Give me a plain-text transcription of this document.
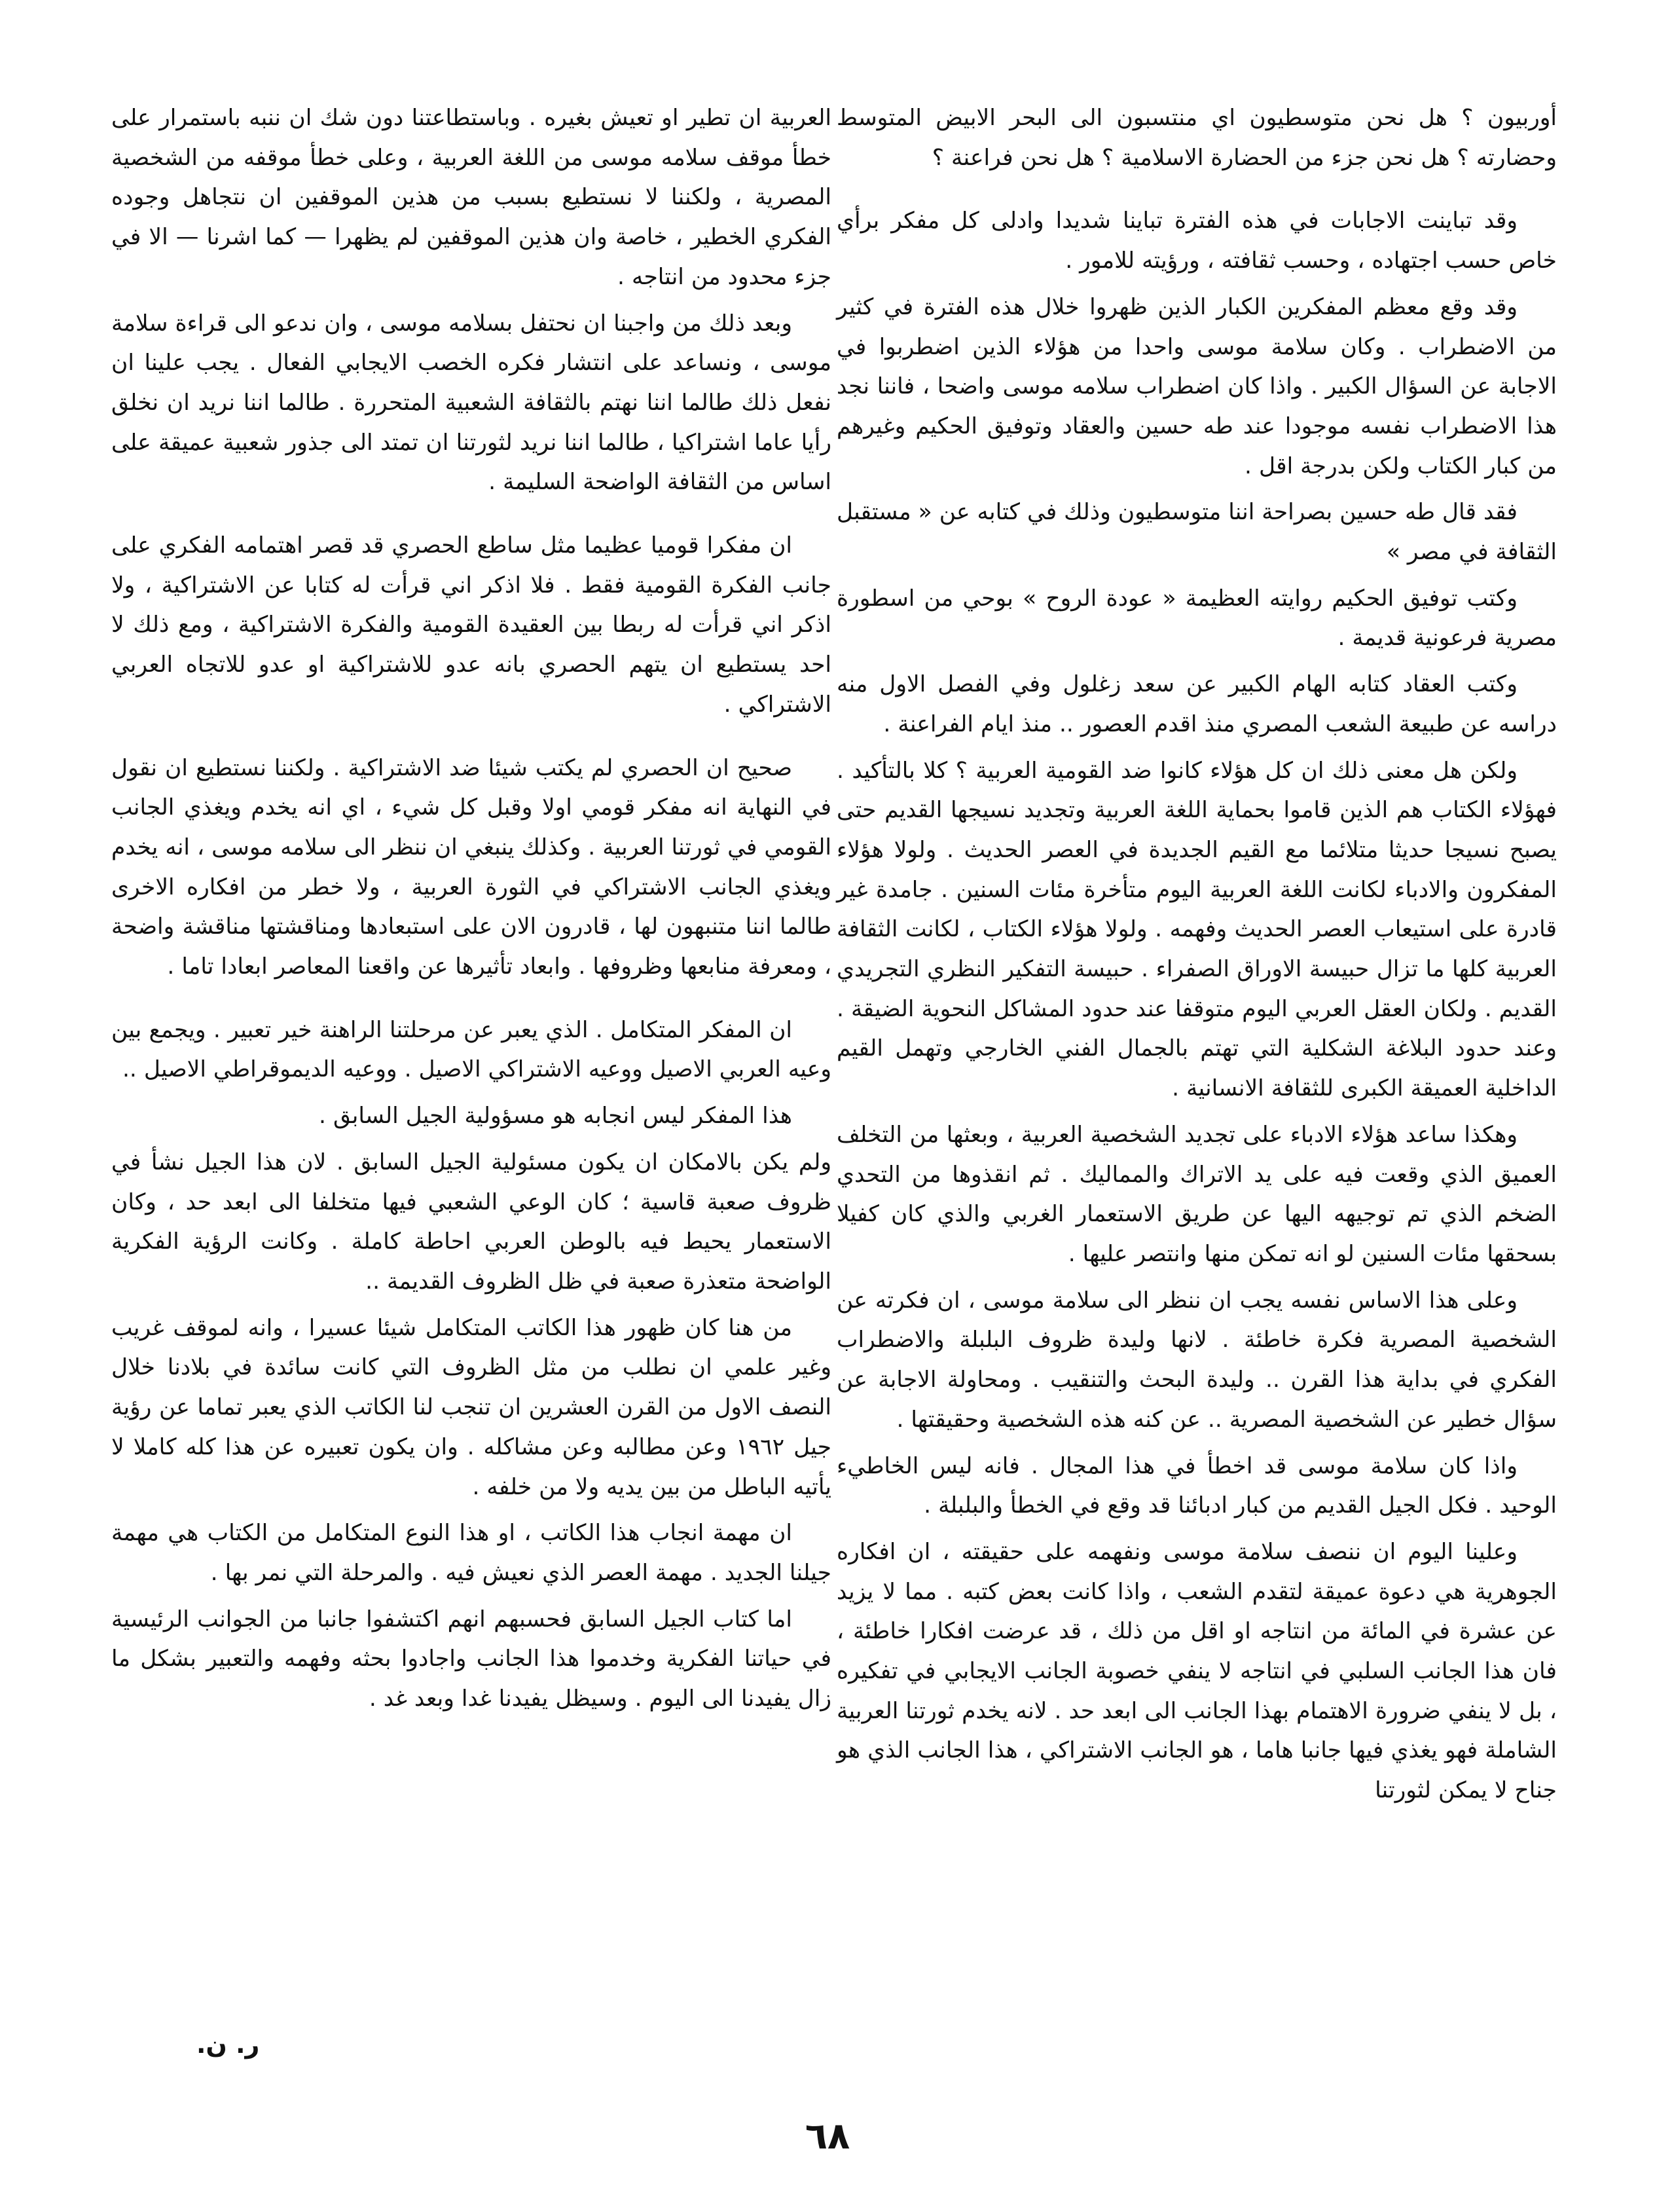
أوربيون ؟ هل نحن متوسطيون اي منتسبون الى البحر الابيض المتوسط وحضارته ؟ هل نحن جزء من الحضارة الاسلامية ؟ هل نحن فراعنة ؟

وقد تباينت الاجابات في هذه الفترة تباينا شديدا وادلى كل مفكر برأي خاص حسب اجتهاده ، وحسب ثقافته ، ورؤيته للامور .

وقد وقع معظم المفكرين الكبار الذين ظهروا خلال هذه الفترة في كثير من الاضطراب . وكان سلامة موسى واحدا من هؤلاء الذين اضطربوا في الاجابة عن السؤال الكبير . واذا كان اضطراب سلامه موسى واضحا ، فاننا نجد هذا الاضطراب نفسه موجودا عند طه حسين والعقاد وتوفيق الحكيم وغيرهم من كبار الكتاب ولكن بدرجة اقل .

فقد قال طه حسين بصراحة اننا متوسطيون وذلك في كتابه عن « مستقبل الثقافة في مصر »

وكتب توفيق الحكيم روايته العظيمة « عودة الروح » بوحي من اسطورة مصرية فرعونية قديمة .

وكتب العقاد كتابه الهام الكبير عن سعد زغلول وفي الفصل الاول منه دراسه عن طبيعة الشعب المصري منذ اقدم العصور .. منذ ايام الفراعنة .

ولكن هل معنى ذلك ان كل هؤلاء كانوا ضد القومية العربية ؟ كلا بالتأكيد . فهؤلاء الكتاب هم الذين قاموا بحماية اللغة العربية وتجديد نسيجها القديم حتى يصبح نسيجا حديثا متلائما مع القيم الجديدة في العصر الحديث . ولولا هؤلاء المفكرون والادباء لكانت اللغة العربية اليوم متأخرة مئات السنين . جامدة غير قادرة على استيعاب العصر الحديث وفهمه . ولولا هؤلاء الكتاب ، لكانت الثقافة العربية كلها ما تزال حبيسة الاوراق الصفراء . حبيسة التفكير النظري التجريدي القديم . ولكان العقل العربي اليوم متوقفا عند حدود المشاكل النحوية الضيقة . وعند حدود البلاغة الشكلية التي تهتم بالجمال الفني الخارجي وتهمل القيم الداخلية العميقة الكبرى للثقافة الانسانية .

وهكذا ساعد هؤلاء الادباء على تجديد الشخصية العربية ، وبعثها من التخلف العميق الذي وقعت فيه على يد الاتراك والمماليك . ثم انقذوها من التحدي الضخم الذي تم توجيهه اليها عن طريق الاستعمار الغربي والذي كان كفيلا بسحقها مئات السنين لو انه تمكن منها وانتصر عليها .

وعلى هذا الاساس نفسه يجب ان ننظر الى سلامة موسى ، ان فكرته عن الشخصية المصرية فكرة خاطئة . لانها وليدة ظروف البلبلة والاضطراب الفكري في بداية هذا القرن .. وليدة البحث والتنقيب . ومحاولة الاجابة عن سؤال خطير عن الشخصية المصرية .. عن كنه هذه الشخصية وحقيقتها .

واذا كان سلامة موسى قد اخطأ في هذا المجال . فانه ليس الخاطيء الوحيد . فكل الجيل القديم من كبار ادبائنا قد وقع في الخطأ والبلبلة .

وعلينا اليوم ان ننصف سلامة موسى ونفهمه على حقيقته ، ان افكاره الجوهرية هي دعوة عميقة لتقدم الشعب ، واذا كانت بعض كتبه . مما لا يزيد عن عشرة في المائة من انتاجه او اقل من ذلك ، قد عرضت افكارا خاطئة ، فان هذا الجانب السلبي في انتاجه لا ينفي خصوبة الجانب الايجابي في تفكيره ، بل لا ينفي ضرورة الاهتمام بهذا الجانب الى ابعد حد . لانه يخدم ثورتنا العربية الشاملة فهو يغذي فيها جانبا هاما ، هو الجانب الاشتراكي ، هذا الجانب الذي هو جناح لا يمكن لثورتنا

العربية ان تطير او تعيش بغيره . وباستطاعتنا دون شك ان ننبه باستمرار على خطأ موقف سلامه موسى من اللغة العربية ، وعلى خطأ موقفه من الشخصية المصرية ، ولكننا لا نستطيع بسبب من هذين الموقفين ان نتجاهل وجوده الفكري الخطير ، خاصة وان هذين الموقفين لم يظهرا — كما اشرنا — الا في جزء محدود من انتاجه .

وبعد ذلك من واجبنا ان نحتفل بسلامه موسى ، وان ندعو الى قراءة سلامة موسى ، ونساعد على انتشار فكره الخصب الايجابي الفعال . يجب علينا ان نفعل ذلك طالما اننا نهتم بالثقافة الشعبية المتحررة . طالما اننا نريد ان نخلق رأيا عاما اشتراكيا ، طالما اننا نريد لثورتنا ان تمتد الى جذور شعبية عميقة على اساس من الثقافة الواضحة السليمة .

ان مفكرا قوميا عظيما مثل ساطع الحصري قد قصر اهتمامه الفكري على جانب الفكرة القومية فقط . فلا اذكر اني قرأت له كتابا عن الاشتراكية ، ولا اذكر اني قرأت له ربطا بين العقيدة القومية والفكرة الاشتراكية ، ومع ذلك لا احد يستطيع ان يتهم الحصري بانه عدو للاشتراكية او عدو للاتجاه العربي الاشتراكي .

صحيح ان الحصري لم يكتب شيئا ضد الاشتراكية . ولكننا نستطيع ان نقول في النهاية انه مفكر قومي اولا وقبل كل شيء ، اي انه يخدم ويغذي الجانب القومي في ثورتنا العربية . وكذلك ينبغي ان ننظر الى سلامه موسى ، انه يخدم ويغذي الجانب الاشتراكي في الثورة العربية ، ولا خطر من افكاره الاخرى طالما اننا متنبهون لها ، قادرون الان على استبعادها ومناقشتها مناقشة واضحة ، ومعرفة منابعها وظروفها . وابعاد تأثيرها عن واقعنا المعاصر ابعادا تاما .

ان المفكر المتكامل . الذي يعبر عن مرحلتنا الراهنة خير تعبير . ويجمع بين وعيه العربي الاصيل ووعيه الاشتراكي الاصيل . ووعيه الديموقراطي الاصيل ..

هذا المفكر ليس انجابه هو مسؤولية الجيل السابق .

ولم يكن بالامكان ان يكون مسئولية الجيل السابق . لان هذا الجيل نشأ في ظروف صعبة قاسية ؛ كان الوعي الشعبي فيها متخلفا الى ابعد حد ، وكان الاستعمار يحيط فيه بالوطن العربي احاطة كاملة . وكانت الرؤية الفكرية الواضحة متعذرة صعبة في ظل الظروف القديمة ..

من هنا كان ظهور هذا الكاتب المتكامل شيئا عسيرا ، وانه لموقف غريب وغير علمي ان نطلب من مثل الظروف التي كانت سائدة في بلادنا خلال النصف الاول من القرن العشرين ان تنجب لنا الكاتب الذي يعبر تماما عن رؤية جيل ١٩٦٢ وعن مطالبه وعن مشاكله . وان يكون تعبيره عن هذا كله كاملا لا يأتيه الباطل من بين يديه ولا من خلفه .

ان مهمة انجاب هذا الكاتب ، او هذا النوع المتكامل من الكتاب هي مهمة جيلنا الجديد . مهمة العصر الذي نعيش فيه . والمرحلة التي نمر بها .

اما كتاب الجيل السابق فحسبهم انهم اكتشفوا جانبا من الجوانب الرئيسية في حياتنا الفكرية وخدموا هذا الجانب واجادوا بحثه وفهمه والتعبير بشكل ما زال يفيدنا الى اليوم . وسيظل يفيدنا غدا وبعد غد .

ر. ن.
٦٨
